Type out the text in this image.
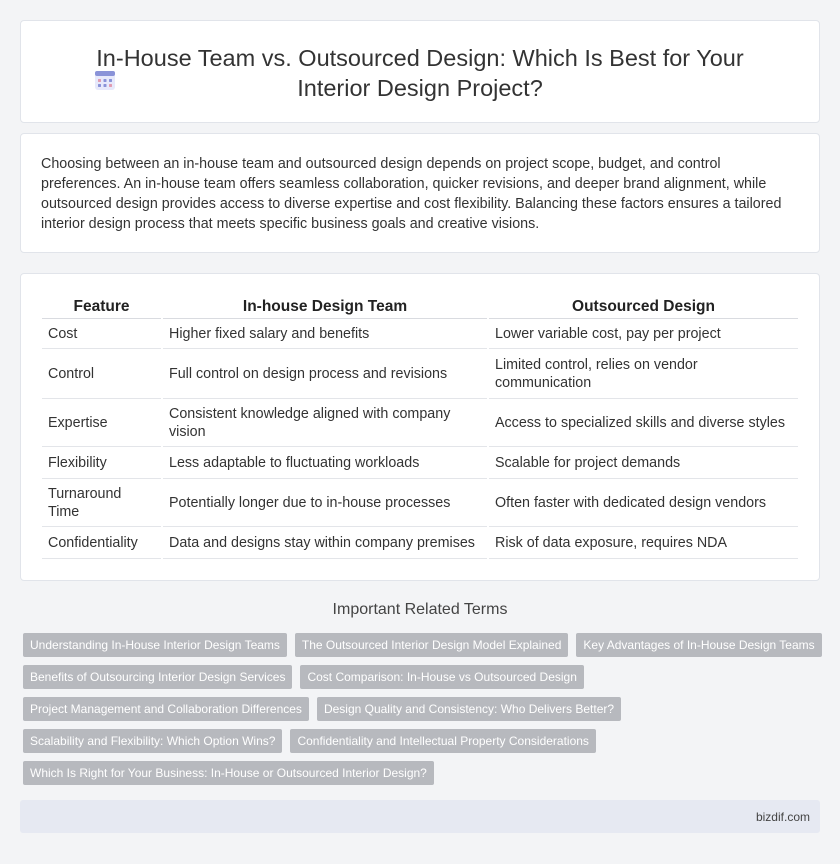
In-House Team vs. Outsourced Design: Which Is Best for Your Interior Design Project?

Choosing between an in-house team and outsourced design depends on project scope, budget, and control preferences. An in-house team offers seamless collaboration, quicker revisions, and deeper brand alignment, while outsourced design provides access to diverse expertise and cost flexibility. Balancing these factors ensures a tailored interior design process that meets specific business goals and creative visions.

Feature	In-house Design Team	Outsourced Design
Cost	Higher fixed salary and benefits	Lower variable cost, pay per project
Control	Full control on design process and revisions	Limited control, relies on vendor communication
Expertise	Consistent knowledge aligned with company vision	Access to specialized skills and diverse styles
Flexibility	Less adaptable to fluctuating workloads	Scalable for project demands
Turnaround Time	Potentially longer due to in-house processes	Often faster with dedicated design vendors
Confidentiality	Data and designs stay within company premises	Risk of data exposure, requires NDA
Important Related Terms
Understanding In-House Interior Design Teams	The Outsourced Interior Design Model Explained	Key Advantages of In-House Design Teams
Benefits of Outsourcing Interior Design Services	Cost Comparison: In-House vs Outsourced Design
Project Management and Collaboration Differences	Design Quality and Consistency: Who Delivers Better?
Scalability and Flexibility: Which Option Wins?	Confidentiality and Intellectual Property Considerations
Which Is Right for Your Business: In-House or Outsourced Interior Design?
bizdif.com
